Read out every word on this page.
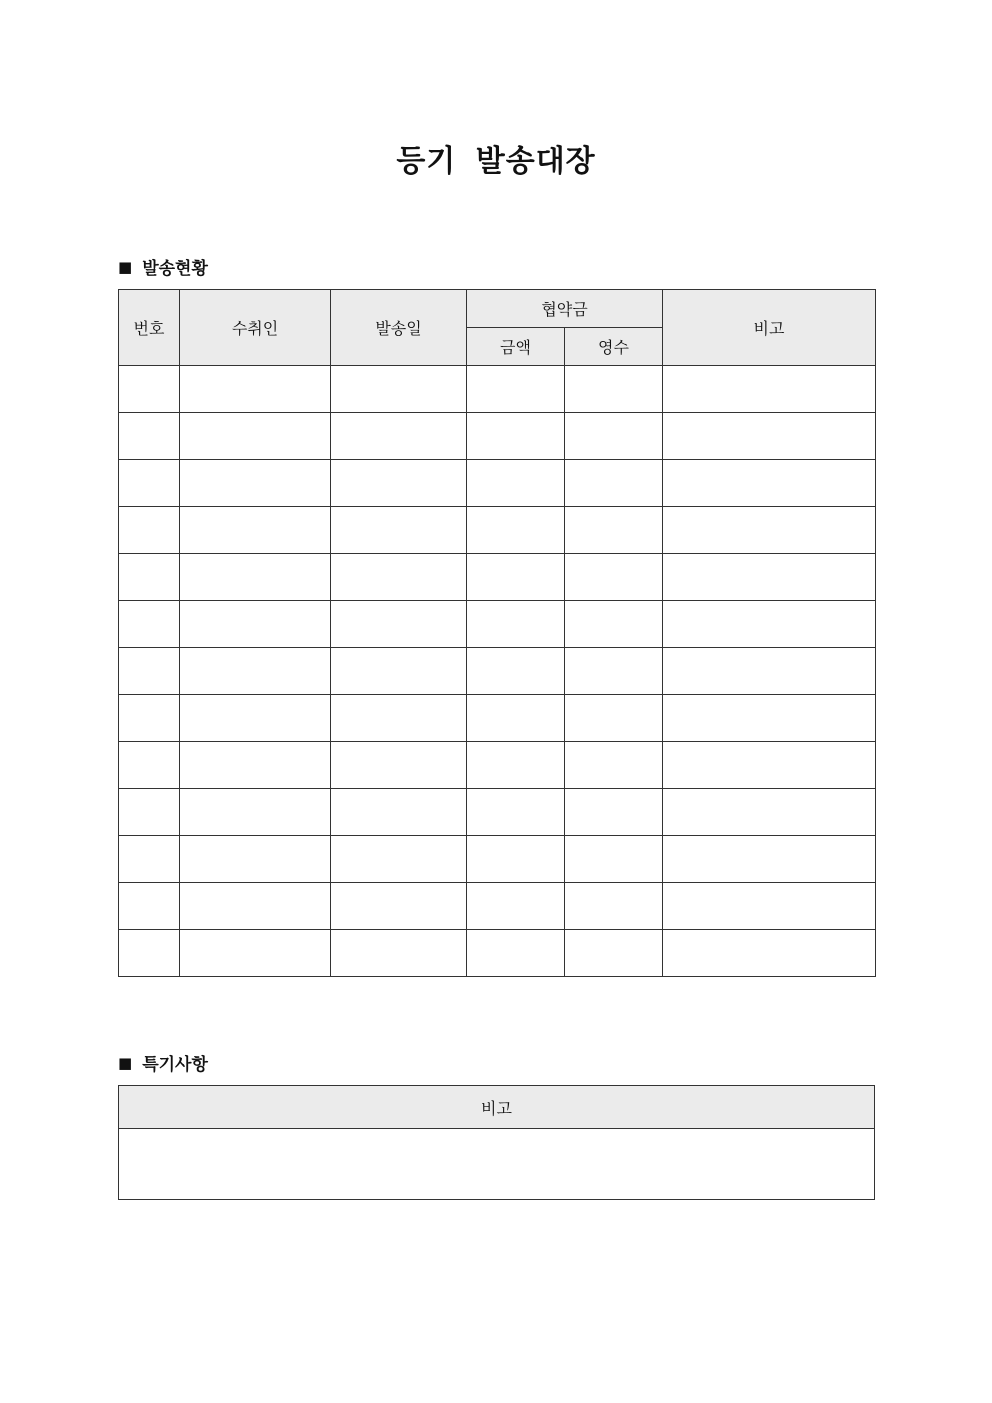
등기 발송대장
■ 발송현황
번호	수취인	발송일	협약금		비고
			금액	영수	

■ 특기사항
비고
